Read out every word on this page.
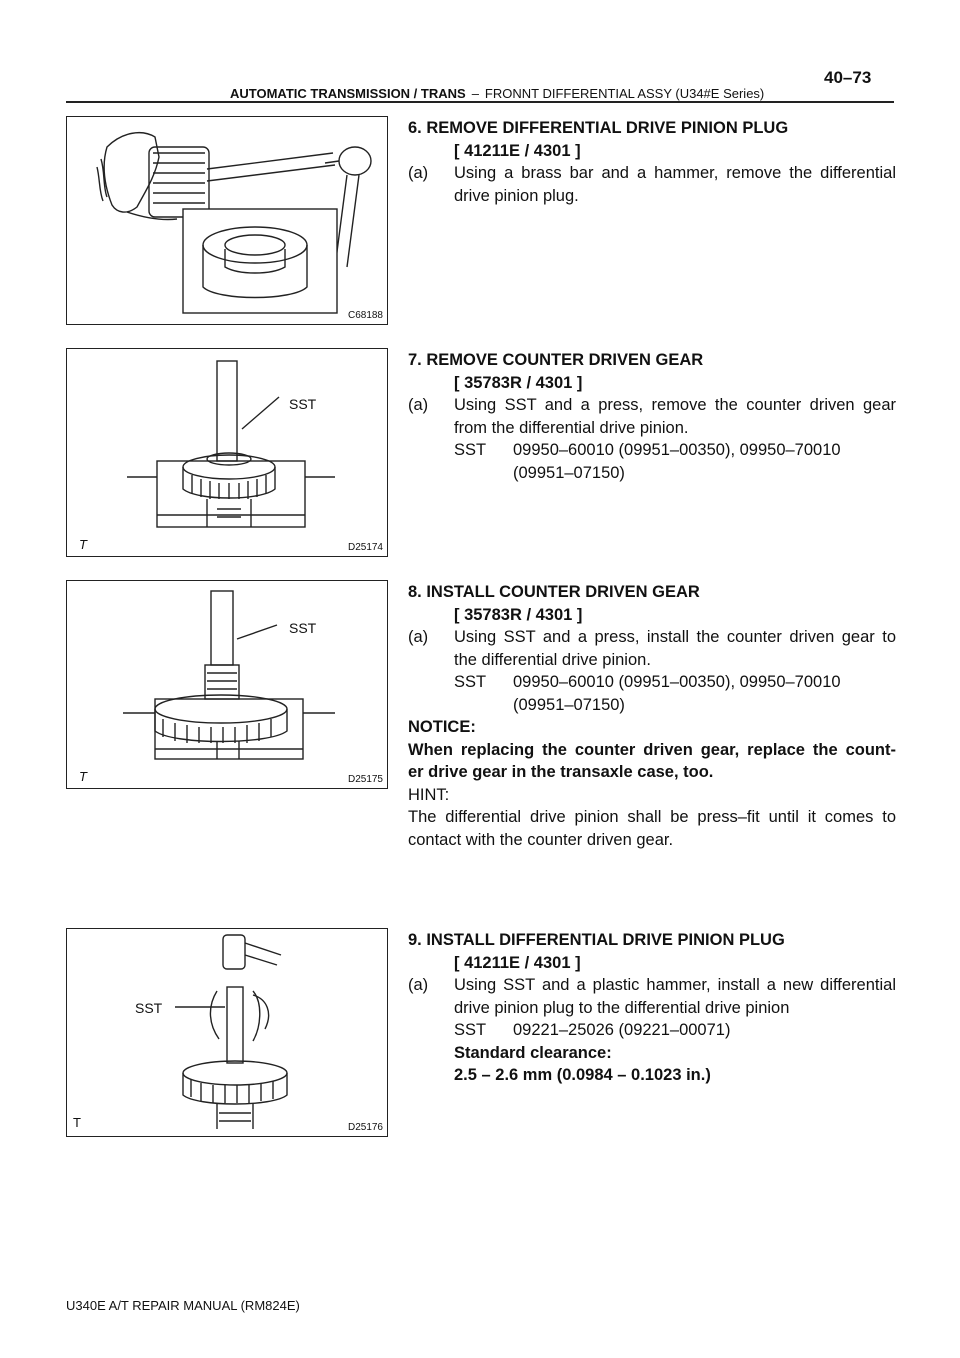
AUTOMATIC TRANSMISSION / TRANS – FRONNT DIFFERENTIAL ASSY (U34#E Series)
40–73
C68188
SST
T	D25174
SST
T	D25175
SST
T	D25176
6. REMOVE DIFFERENTIAL DRIVE PINION PLUG
[ 41211E / 4301 ]
(a) Using a brass bar and a hammer, remove the differential
drive pinion plug.
7. REMOVE COUNTER DRIVEN GEAR
[ 35783R / 4301 ]
(a) Using SST and a press, remove the counter driven gear
from the differential drive pinion.
SST 09950–60010 (09951–00350), 09950–70010
(09951–07150)
8. INSTALL COUNTER DRIVEN GEAR
[ 35783R / 4301 ]
(a) Using SST and a press, install the counter driven gear to
the differential drive pinion.
SST 09950–60010 (09951–00350), 09950–70010
(09951–07150)
NOTICE:
When replacing the counter driven gear, replace the count-
er drive gear in the transaxle case, too.
HINT:
The differential drive pinion shall be press–fit until it comes to
contact with the counter driven gear.
9. INSTALL DIFFERENTIAL DRIVE PINION PLUG
[ 41211E / 4301 ]
(a) Using SST and a plastic hammer, install a new differential
drive pinion plug to the differential drive pinion
SST 09221–25026 (09221–00071)
Standard clearance:
2.5 – 2.6 mm (0.0984 – 0.1023 in.)
U340E A/T REPAIR MANUAL (RM824E)
